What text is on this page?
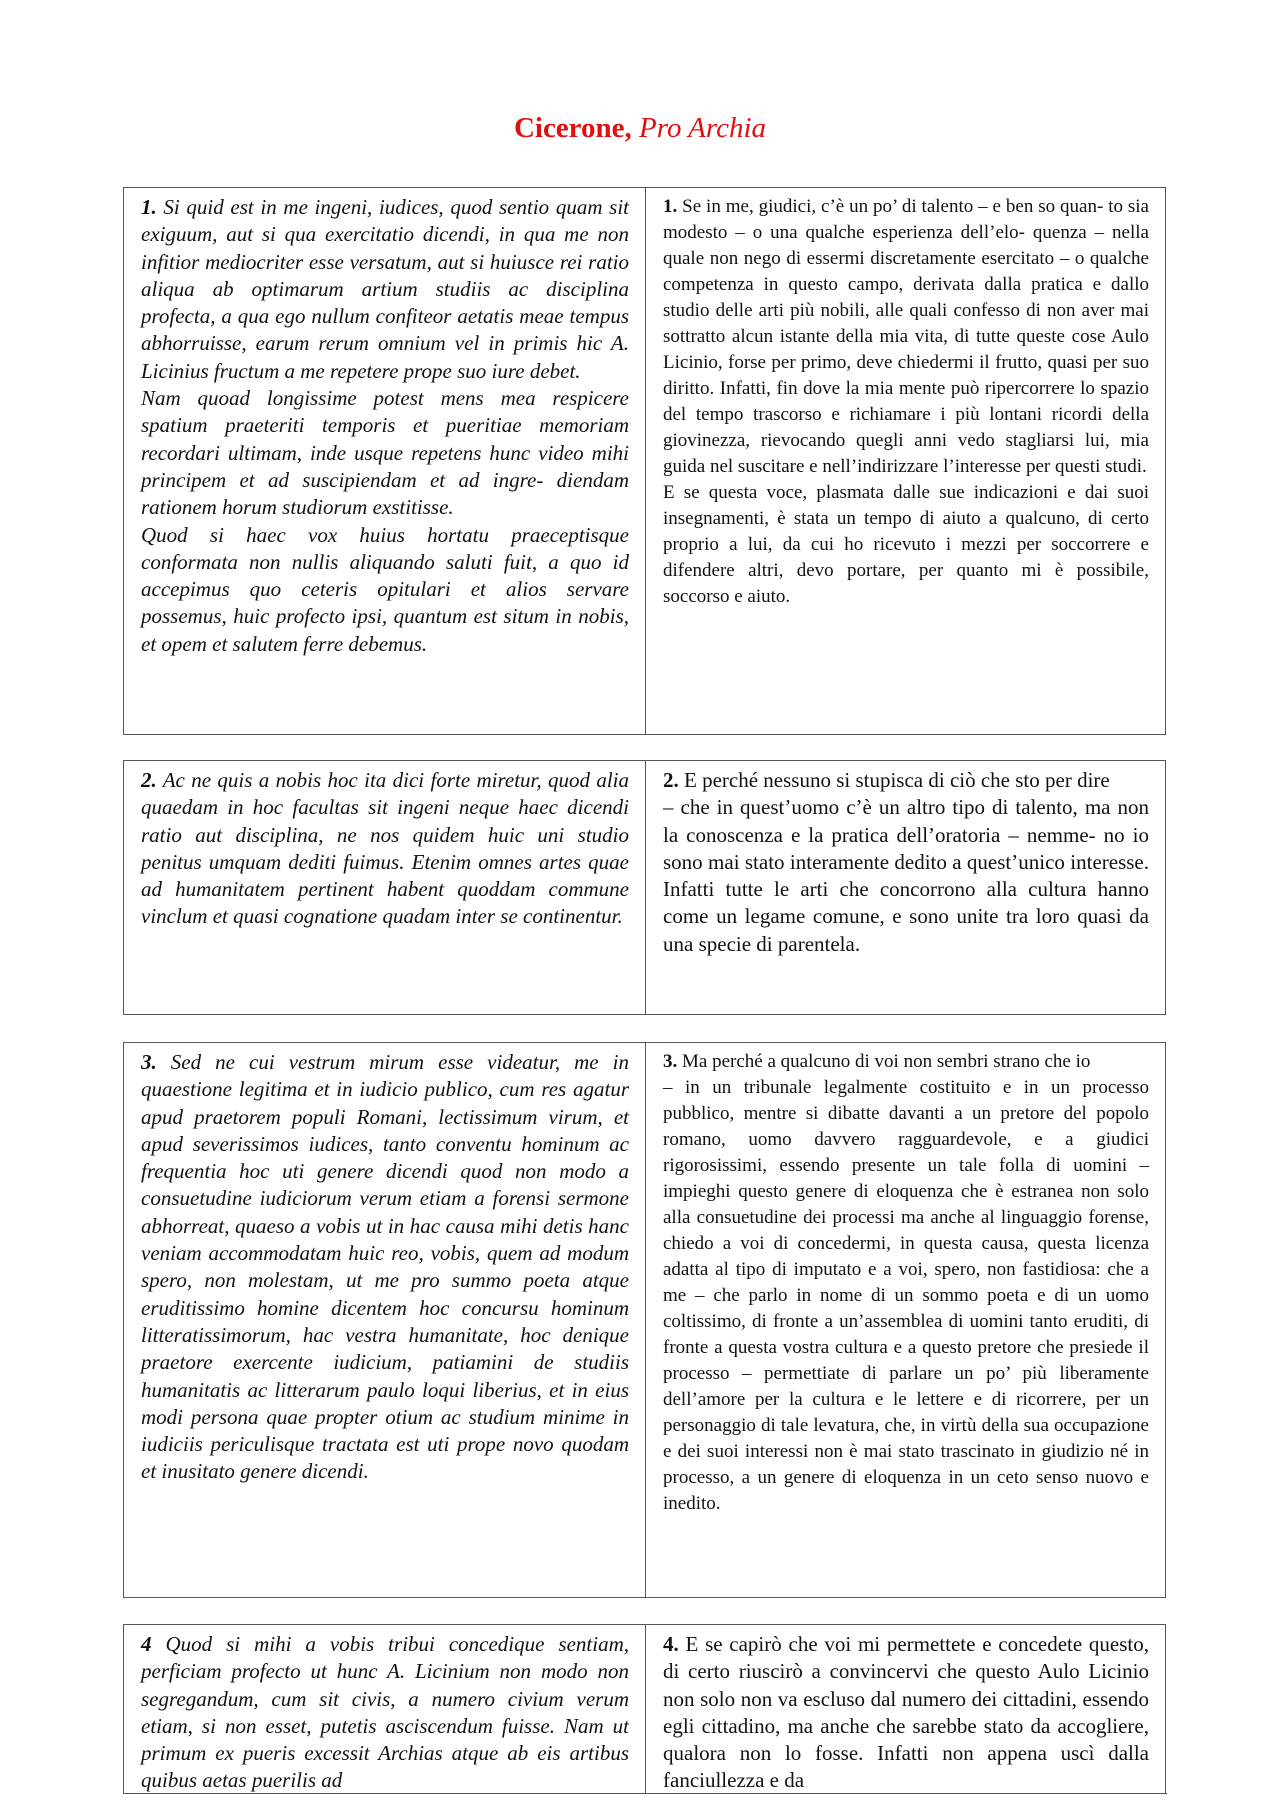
Cicerone, Pro Archia
1. Si quid est in me ingeni, iudices, quod sentio quam sit exiguum, aut si qua exercitatio dicendi, in qua me non infitior mediocriter esse versatum, aut si huiusce rei ratio aliqua ab optimarum artium studiis ac disciplina profecta, a qua ego nullum confiteor aetatis meae tempus abhorruisse, earum rerum omnium vel in primis hic A. Licinius fructum a me repetere prope suo iure debet.
Nam quoad longissime potest mens mea respicere spatium praeteriti temporis et pueritiae memoriam recordari ultimam, inde usque repetens hunc video mihi principem et ad suscipiendam et ad ingre- diendam rationem horum studiorum exstitisse.
Quod si haec vox huius hortatu praeceptisque conformata non nullis aliquando saluti fuit, a quo id accepimus quo ceteris opitulari et alios servare possemus, huic profecto ipsi, quantum est situm in nobis, et opem et salutem ferre debemus.

1. Se in me, giudici, c’è un po’ di talento – e ben so quan- to sia modesto – o una qualche esperienza dell’elo- quenza – nella quale non nego di essermi discretamente esercitato – o qualche competenza in questo campo, derivata dalla pratica e dallo studio delle arti più nobili, alle quali confesso di non aver mai sottratto alcun istante della mia vita, di tutte queste cose Aulo Licinio, forse per primo, deve chiedermi il frutto, quasi per suo diritto. Infatti, fin dove la mia mente può ripercorrere lo spazio del tempo trascorso e richiamare i più lontani ricordi della giovinezza, rievocando quegli anni vedo stagliarsi lui, mia guida nel suscitare e nell’indirizzare l’interesse per questi studi.
E se questa voce, plasmata dalle sue indicazioni e dai suoi insegnamenti, è stata un tempo di aiuto a qualcuno, di certo proprio a lui, da cui ho ricevuto i mezzi per soccorrere e difendere altri, devo portare, per quanto mi è possibile, soccorso e aiuto.
2. Ac ne quis a nobis hoc ita dici forte miretur, quod alia quaedam in hoc facultas sit ingeni neque haec dicendi ratio aut disciplina, ne nos quidem huic uni studio penitus umquam dediti fuimus. Etenim omnes artes quae ad humanitatem pertinent habent quoddam commune vinclum et quasi cognatione quadam inter se continentur.

2. E perché nessuno si stupisca di ciò che sto per dire
– che in quest’uomo c’è un altro tipo di talento, ma non la conoscenza e la pratica dell’oratoria – nemme- no io sono mai stato interamente dedito a quest’unico interesse. Infatti tutte le arti che concorrono alla cultura hanno come un legame comune, e sono unite tra loro quasi da una specie di parentela.
3. Sed ne cui vestrum mirum esse videatur, me in quaestione legitima et in iudicio publico, cum res agatur apud praetorem populi Romani, lectissimum virum, et apud severissimos iudices, tanto conventu hominum ac frequentia hoc uti genere dicendi quod non modo a consuetudine iudiciorum verum etiam a forensi sermone abhorreat, quaeso a vobis ut in hac causa mihi detis hanc veniam accommodatam huic reo, vobis, quem ad modum spero, non molestam, ut me pro summo poeta atque eruditissimo homine dicentem hoc concursu hominum litteratissimorum, hac vestra humanitate, hoc denique praetore exercente iudicium, patiamini de studiis humanitatis ac litterarum paulo loqui liberius, et in eius modi persona quae propter otium ac studium minime in iudiciis periculisque tractata est uti prope novo quodam et inusitato genere dicendi.

3. Ma perché a qualcuno di voi non sembri strano che io
– in un tribunale legalmente costituito e in un processo pubblico, mentre si dibatte davanti a un pretore del popolo romano, uomo davvero ragguardevole, e a giudici rigorosissimi, essendo presente un tale folla di uomini – impieghi questo genere di eloquenza che è estranea non solo alla consuetudine dei processi ma anche al linguaggio forense, chiedo a voi di concedermi, in questa causa, questa licenza adatta al tipo di imputato e a voi, spero, non fastidiosa: che a me – che parlo in nome di un sommo poeta e di un uomo coltissimo, di fronte a un’assemblea di uomini tanto eruditi, di fronte a questa vostra cultura e a questo pretore che presiede il processo – permettiate di parlare un po’ più liberamente dell’amore per la cultura e le lettere e di ricorrere, per un personaggio di tale levatura, che, in virtù della sua occupazione e dei suoi interessi non è mai stato trascinato in giudizio né in processo, a un genere di eloquenza in un ceto senso nuovo e inedito.
4 Quod si mihi a vobis tribui concedique sentiam, perficiam profecto ut hunc A. Licinium non modo non segregandum, cum sit civis, a numero civium verum etiam, si non esset, putetis asciscendum fuisse. Nam ut primum ex pueris excessit Archias atque ab eis artibus quibus aetas puerilis ad

4. E se capirò che voi mi permettete e concedete questo, di certo riuscirò a convincervi che questo Aulo Licinio non solo non va escluso dal numero dei cittadini, essendo egli cittadino, ma anche che sarebbe stato da accogliere, qualora non lo fosse. Infatti non appena uscì dalla fanciullezza e da
